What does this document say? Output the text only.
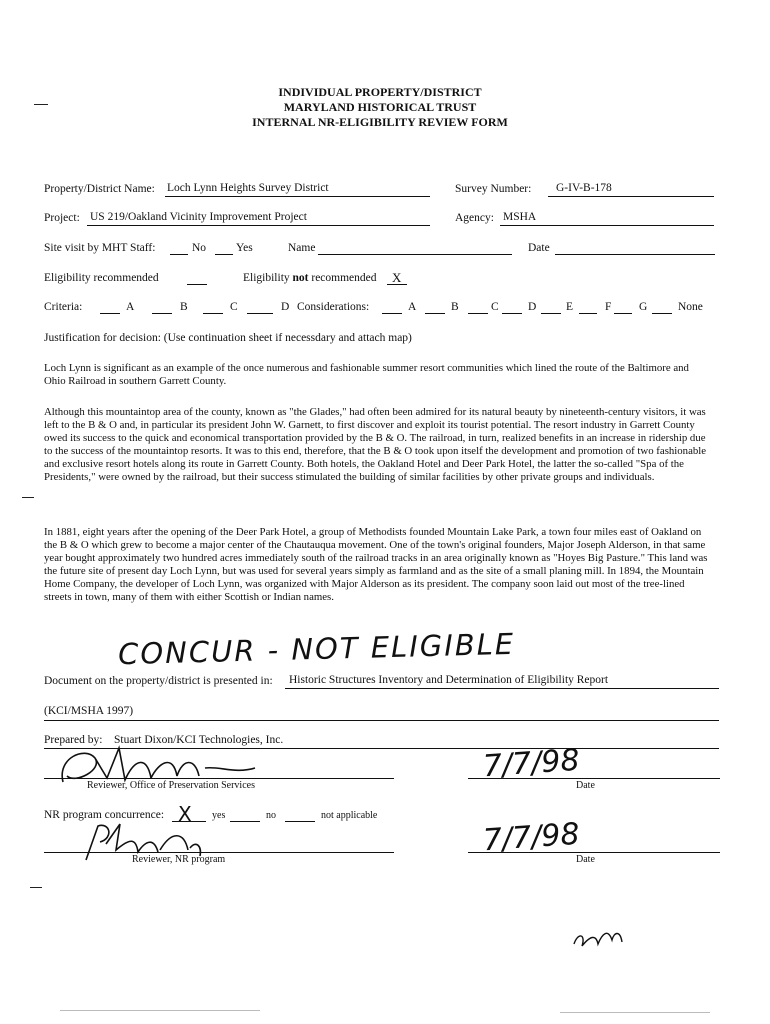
INDIVIDUAL PROPERTY/DISTRICT
MARYLAND HISTORICAL TRUST
INTERNAL NR-ELIGIBILITY REVIEW FORM
Property/District Name: Loch Lynn Heights Survey District	Survey Number: G-IV-B-178
Project: US 219/Oakland Vicinity Improvement Project	Agency: MSHA
Site visit by MHT Staff:	No	Yes	Name	Date
Eligibility recommended	Eligibility not recommended X
Criteria:	A	B	C	D Considerations:	A	B	C	D	E	F G	None
Justification for decision: (Use continuation sheet if necessdary and attach map)
Loch Lynn is significant as an example of the once numerous and fashionable summer resort communities which lined the route of the Baltimore and Ohio Railroad in southern Garrett County.
Although this mountaintop area of the county, known as "the Glades," had often been admired for its natural beauty by nineteenth-century visitors, it was left to the B & O and, in particular its president John W. Garnett, to first discover and exploit its tourist potential. The resort industry in Garrett County owed its success to the quick and economical transportation provided by the B & O. The railroad, in turn, realized benefits in an increase in ridership due to the success of the mountaintop resorts. It was to this end, therefore, that the B & O took upon itself the development and promotion of two fashionable and exclusive resort hotels along its route in Garrett County. Both hotels, the Oakland Hotel and Deer Park Hotel, the latter the so-called "Spa of the Presidents," were owned by the railroad, but their success stimulated the building of similar facilities by other private groups and individuals.
In 1881, eight years after the opening of the Deer Park Hotel, a group of Methodists founded Mountain Lake Park, a town four miles east of Oakland on the B & O which grew to become a major center of the Chautauqua movement. One of the town's original founders, Major Joseph Alderson, in that same year bought approximately two hundred acres immediately south of the railroad tracks in an area originally known as "Hoyes Big Pasture." This land was the future site of present day Loch Lynn, but was used for several years simply as farmland and as the site of a small planing mill. In 1894, the Mountain Home Company, the developer of Loch Lynn, was organized with Major Alderson as its president. The company soon laid out most of the tree-lined streets in town, many of them with either Scottish or Indian names.
CONCUR - NOT ELIGIBLE
Document on the property/district is presented in: Historic Structures Inventory and Determination of Eligibility Report
(KCI/MSHA 1997)
Prepared by: Stuart Dixon/KCI Technologies, Inc.
Reviewer, Office of Preservation Services
7/7/98
Date
NR program concurrence: X yes	no	not applicable
Reviewer, NR program
7/7/98
Date
